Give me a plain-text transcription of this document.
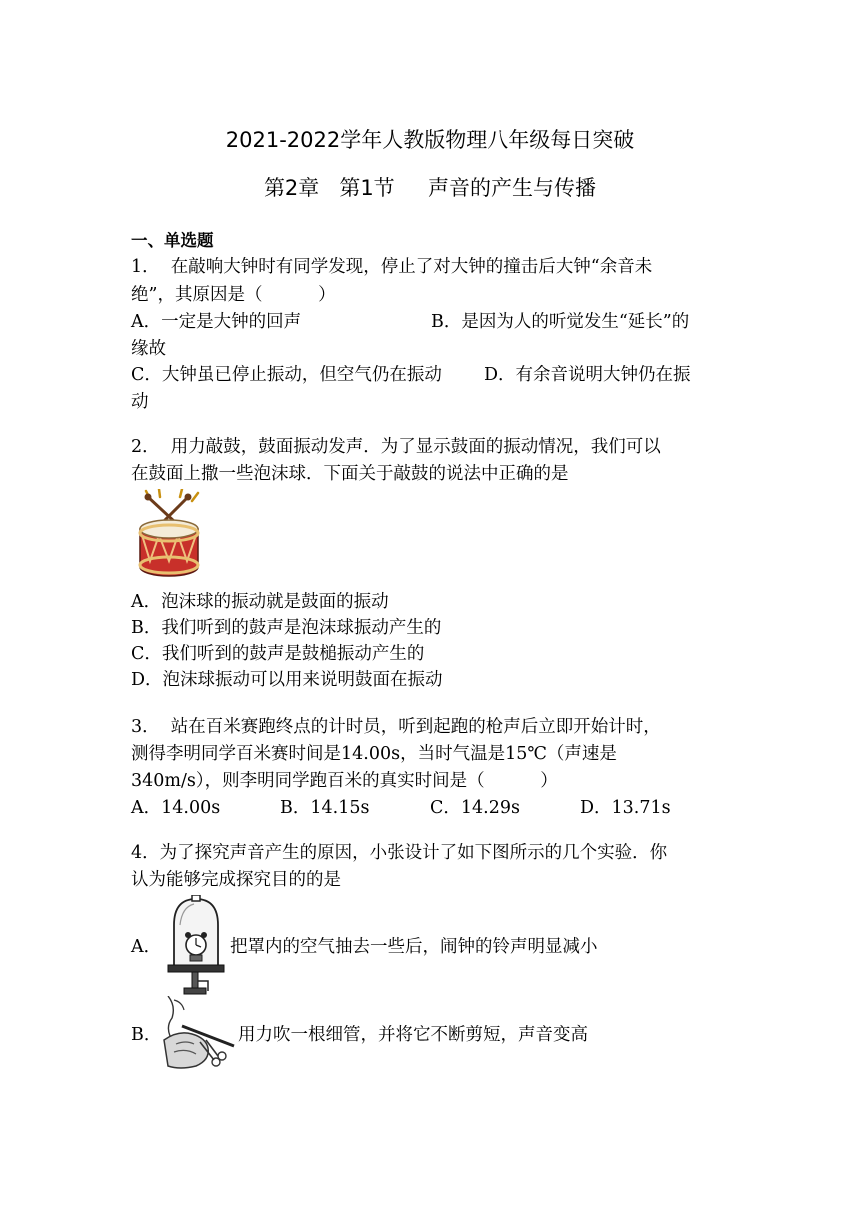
2021-2022学年人教版物理八年级每日突破
第2章   第1节     声音的产生与传播
一、单选题
1．  在敲响大钟时有同学发现，停止了对大钟的撞击后大钟“余音未
绝”，其原因是（          ）
A．一定是大钟的回声	B．是因为人的听觉发生“延长”的
缘故
C．大钟虽已停止振动，但空气仍在振动 D．有余音说明大钟仍在振
动
2．  用力敲鼓，鼓面振动发声．为了显示鼓面的振动情况，我们可以
在鼓面上撒一些泡沫球．下面关于敲鼓的说法中正确的是
A．泡沫球的振动就是鼓面的振动
B．我们听到的鼓声是泡沫球振动产生的
C．我们听到的鼓声是鼓槌振动产生的
D．泡沫球振动可以用来说明鼓面在振动
3．  站在百米赛跑终点的计时员，听到起跑的枪声后立即开始计时，
测得李明同学百米赛时间是14.00s，当时气温是15℃（声速是
340m/s），则李明同学跑百米的真实时间是（          ）
A．14.00s	B．14.15s	C．14.29s	D．13.71s
4．为了探究声音产生的原因，小张设计了如下图所示的几个实验．你
认为能够完成探究目的的是
A．	把罩内的空气抽去一些后，闹钟的铃声明显减小
B．	用力吹一根细管，并将它不断剪短，声音变高
